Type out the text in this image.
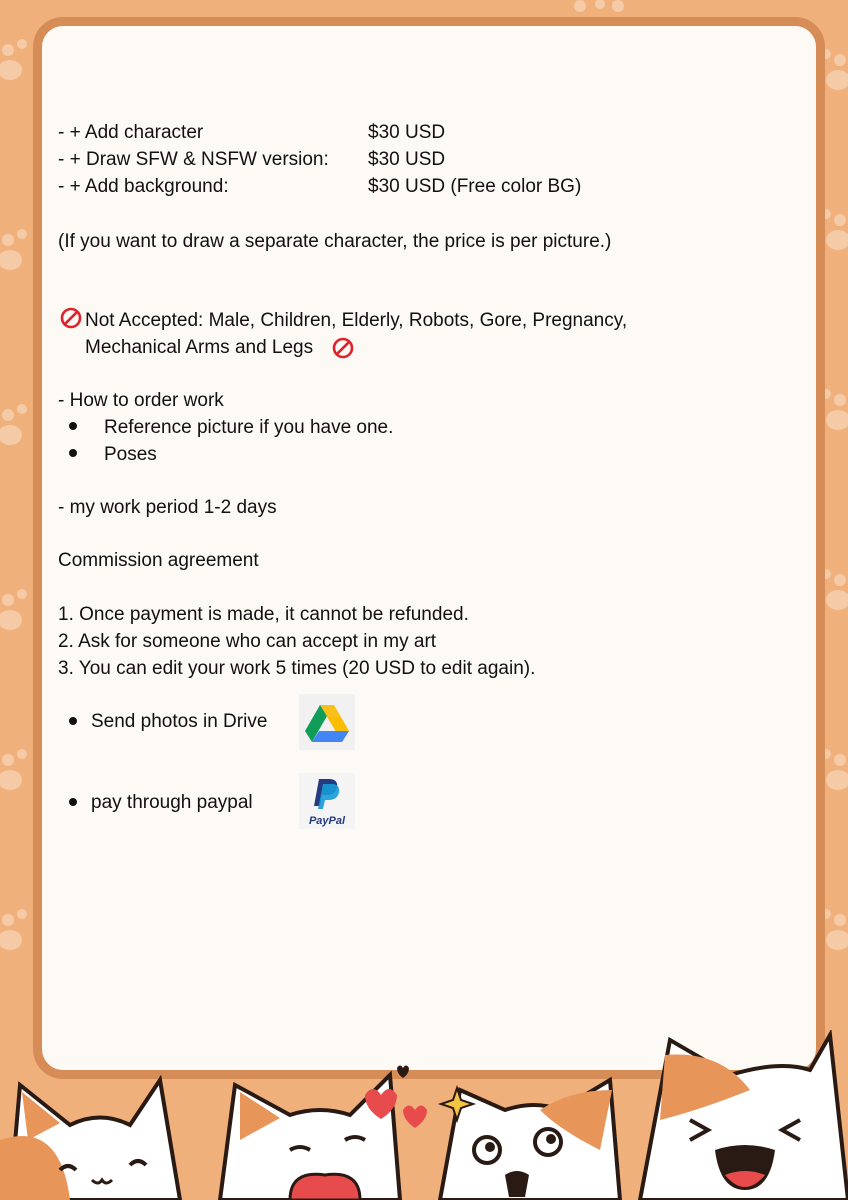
- + Add character	$30 USD
- + Draw SFW & NSFW version: $30 USD
- + Add background:	$30 USD (Free color BG)
(If you want to draw a separate character, the price is per picture.)
Not Accepted: Male, Children, Elderly, Robots, Gore, Pregnancy,
Mechanical Arms and Legs
- How to order work
Reference picture if you have one.
Poses
- my work period 1-2 days
Commission agreement
1. Once payment is made, it cannot be refunded.
2. Ask for someone who can accept in my art
3. You can edit your work 5 times (20 USD to edit again).
Send photos in Drive
pay through paypal
PayPal
